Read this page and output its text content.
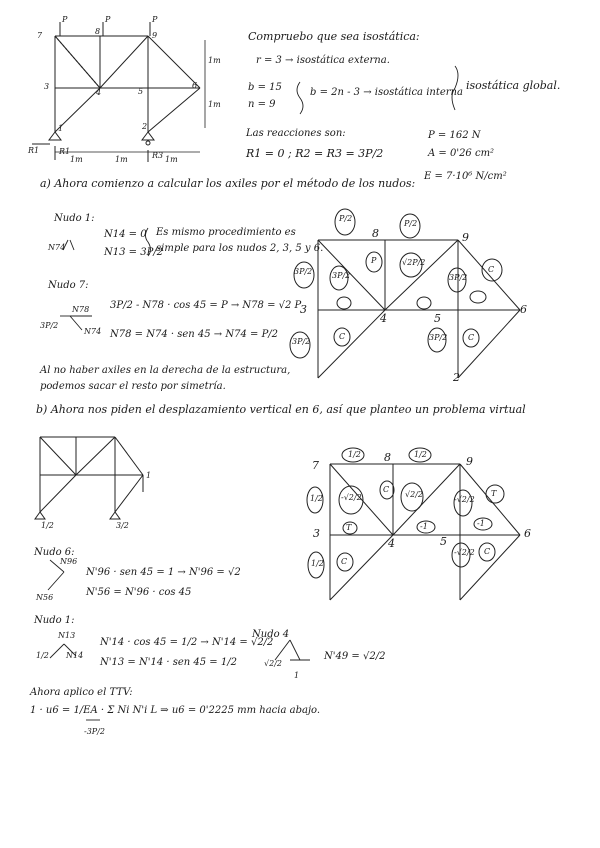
7	8	9
3
4	5
6
1	2
P	P	P
1m
1m
1m	1m	1m
R1 R1	R3
Compruebo que sea isostática:
r = 3 → isostática externa.
b = 15
n = 9
b = 2n - 3 → isostática interna
isostática global.
Las reacciones son:
R1 = 0 ; R2 = R3 = 3P/2
P = 162 N
A = 0'26 cm²
E = 7·10⁶ N/cm²
a) Ahora comienzo a calcular los axiles por el método de los nudos:
Nudo 1:
N74
N14 = 0
N13 = 3P/2
Es mismo procedimiento es
simple para los nudos 2, 3, 5 y 6.
Nudo 7:
N78
N74
3P/2
3P/2 - N78 · cos 45 = P → N78 = √2 P
N78 = N74 · sen 45 → N74 = P/2
Al no haber axiles en la derecha de la estructura,
podemos sacar el resto por simetría.
8	9
3
4	5
6
2
P/2
P/2
3P/2 3P/2
P	√2P/2
3P/2
C
3P/2
C	3P/2	C
b) Ahora nos piden el desplazamiento vertical en 6, así que planteo un problema virtual
1
1/2	3/2
Nudo 6:
N96
N56
N'96 · sen 45 = 1 → N'96 = √2
N'56 = N'96 · cos 45
Nudo 1:
N13
N14
1/2
N'14 · cos 45 = 1/2 → N'14 = √2/2
N'13 = N'14 · sen 45 = 1/2
Nudo 4
√2/2
1
N'49 = √2/2
Ahora aplico el TTV:
1 · u6 = 1/EA · Σ Ni N'i L ⇒ u6 = 0'2225 mm hacia abajo.
-3P/2
7
8	9
3
4	5
6
1/2	1/2
1/2 -√2/2
C
√2/2
-√2/2
T
T	-1	-1
1/2 C
-√2/2 C
